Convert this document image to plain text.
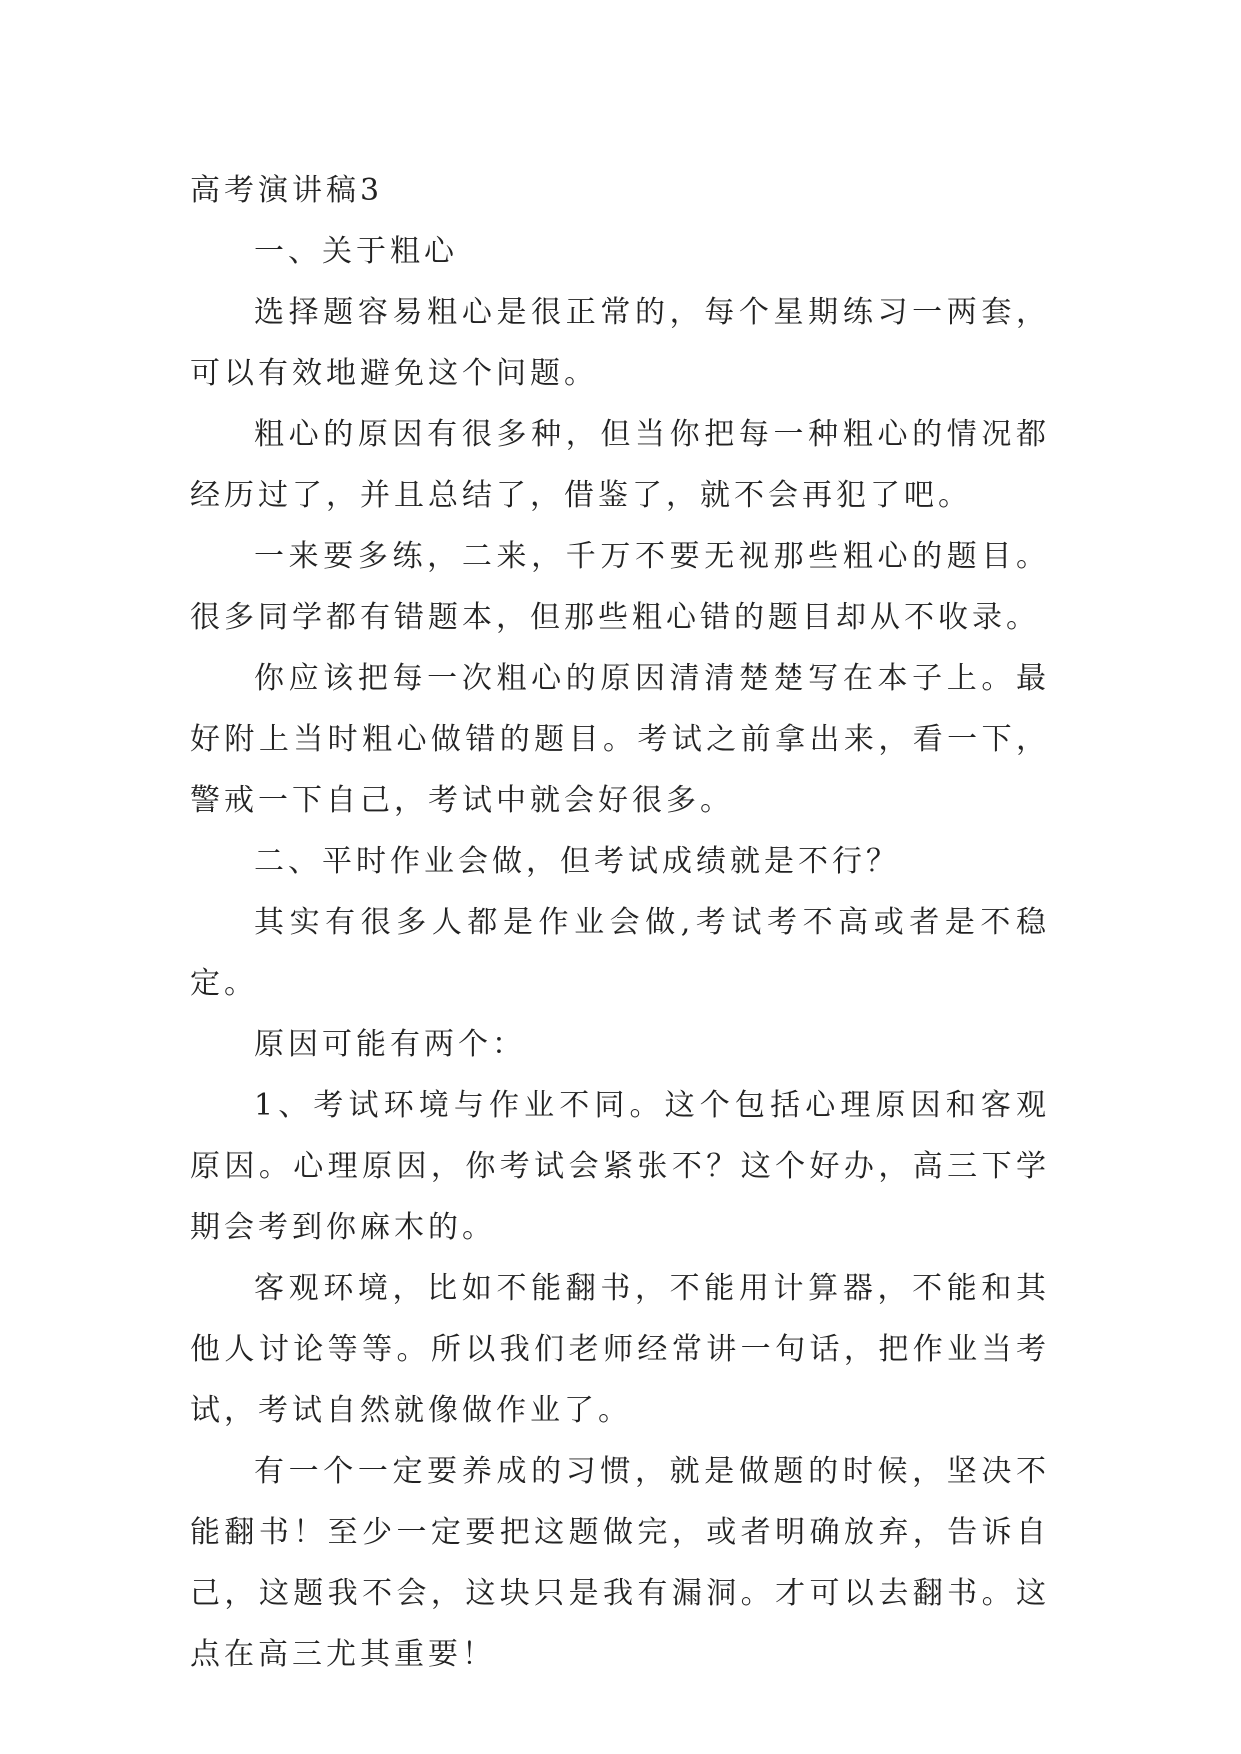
高考演讲稿3

一、关于粗心

选择题容易粗心是很正常的，每个星期练习一两套，可以有效地避免这个问题。

粗心的原因有很多种，但当你把每一种粗心的情况都经历过了，并且总结了，借鉴了，就不会再犯了吧。

一来要多练，二来，千万不要无视那些粗心的题目。很多同学都有错题本，但那些粗心错的题目却从不收录。

你应该把每一次粗心的原因清清楚楚写在本子上。最好附上当时粗心做错的题目。考试之前拿出来，看一下，警戒一下自己，考试中就会好很多。

二、平时作业会做，但考试成绩就是不行？

其实有很多人都是作业会做,考试考不高或者是不稳定。

原因可能有两个：

1、考试环境与作业不同。这个包括心理原因和客观原因。心理原因，你考试会紧张不？这个好办，高三下学期会考到你麻木的。

客观环境，比如不能翻书，不能用计算器，不能和其他人讨论等等。所以我们老师经常讲一句话，把作业当考试，考试自然就像做作业了。

有一个一定要养成的习惯，就是做题的时候，坚决不能翻书！至少一定要把这题做完，或者明确放弃，告诉自己，这题我不会，这块只是我有漏洞。才可以去翻书。这点在高三尤其重要！
